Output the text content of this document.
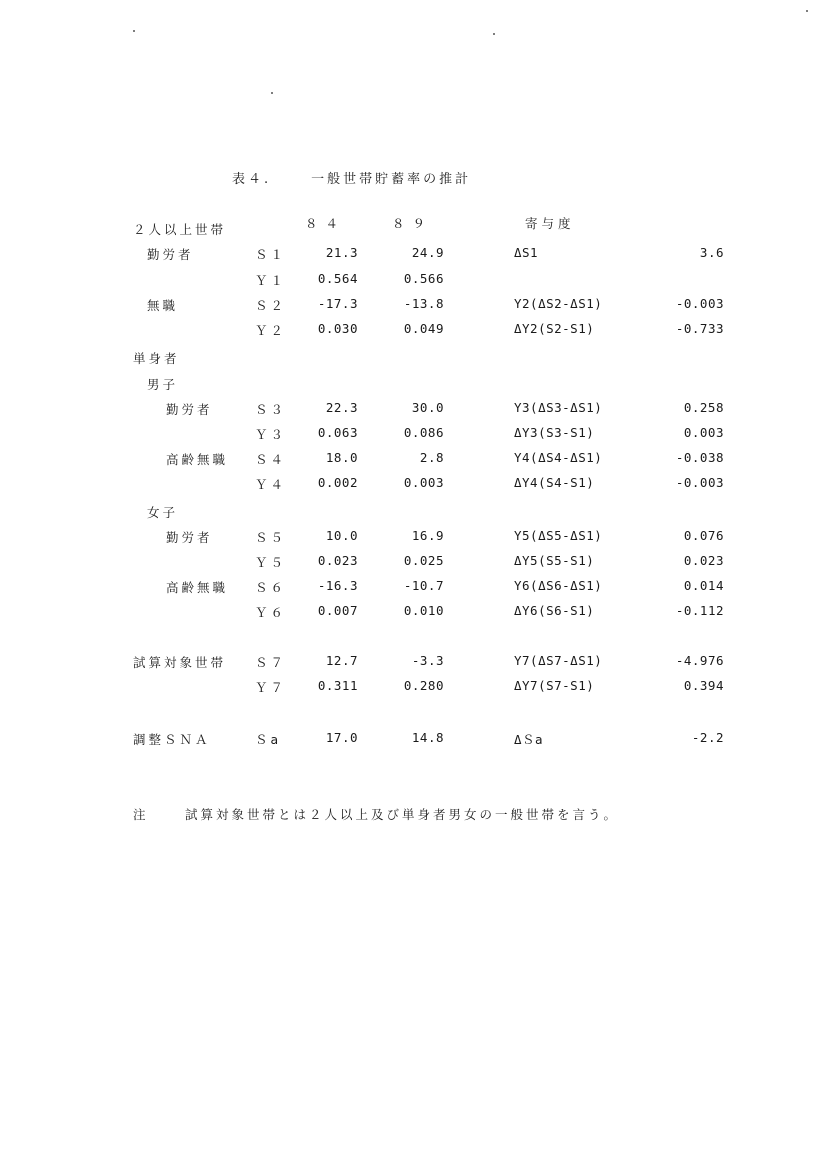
表４.	一般世帯貯蓄率の推計
８４	８９	寄与度
２人以上世帯
勤労者	Ｓ１	21.3	24.9	ΔS1	3.6
Ｙ１	0.564	0.566
無職	Ｓ２	-17.3	-13.8	Y2(ΔS2-ΔS1)	-0.003
Ｙ２	0.030	0.049	ΔY2(S2-S1)	-0.733
単身者
男子
勤労者	Ｓ３	22.3	30.0	Y3(ΔS3-ΔS1)	0.258
Ｙ３	0.063	0.086	ΔY3(S3-S1)	0.003
高齢無職 Ｓ４	18.0	2.8	Y4(ΔS4-ΔS1)	-0.038
Ｙ４	0.002	0.003	ΔY4(S4-S1)	-0.003
女子
勤労者	Ｓ５	10.0	16.9	Y5(ΔS5-ΔS1)	0.076
Ｙ５	0.023	0.025	ΔY5(S5-S1)	0.023
高齢無職 Ｓ６	-16.3	-10.7	Y6(ΔS6-ΔS1)	0.014
Ｙ６	0.007	0.010	ΔY6(S6-S1)	-0.112
試算対象世帯 Ｓ７	12.7	-3.3	Y7(ΔS7-ΔS1)	-4.976
Ｙ７	0.311	0.280	ΔY7(S7-S1)	0.394
調整ＳＮＡ	Ｓa	17.0	14.8	ΔＳa	-2.2
注	試算対象世帯とは２人以上及び単身者男女の一般世帯を言う。
